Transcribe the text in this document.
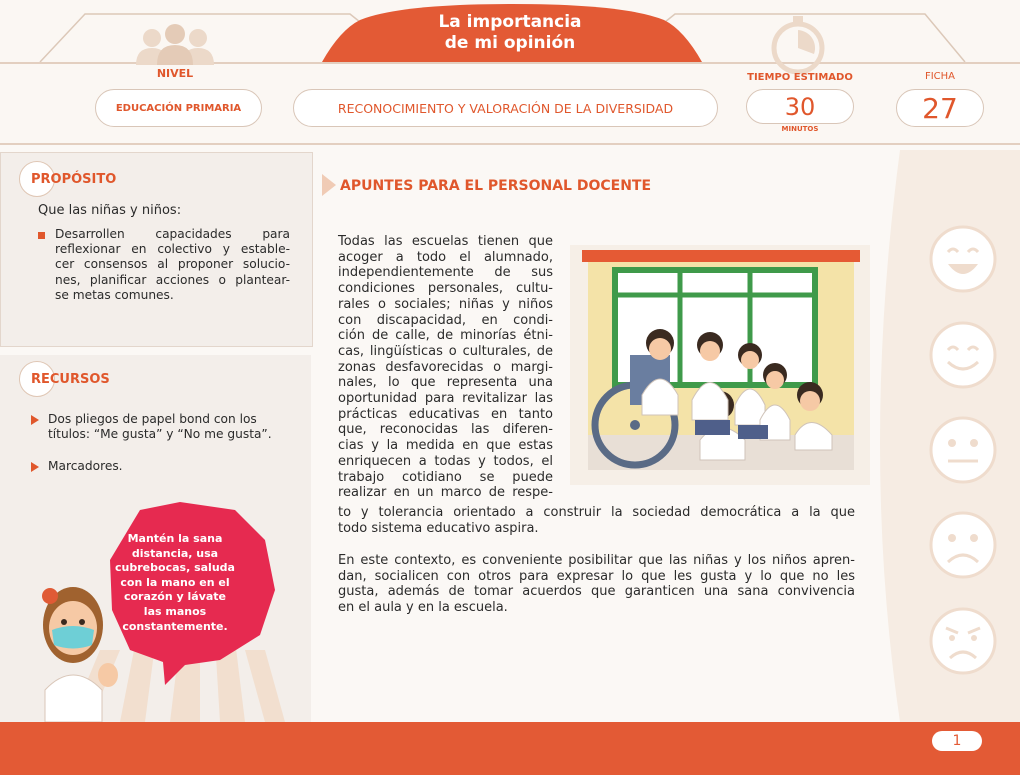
La importancia
de mi opinión
NIVEL
EDUCACIÓN PRIMARIA	RECONOCIMIENTO Y VALORACIÓN DE LA DIVERSIDAD
TIEMPO ESTIMADO
30
MINUTOS
FICHA
27
PROPÓSITO
Que las niñas y niños:
Desarrollen capacidades para
reflexionar en colectivo y estable-
cer consensos al proponer solucio-
nes, planificar acciones o plantear-
se metas comunes.
RECURSOS
Dos pliegos de papel bond con los
títulos: “Me gusta” y “No me gusta”.
Marcadores.
Mantén la sana
distancia, usa
cubrebocas, saluda
con la mano en el
corazón y lávate
las manos
constantemente.
APUNTES PARA EL PERSONAL DOCENTE
Todas las escuelas tienen que
acoger a todo el alumnado,
independientemente de sus
condiciones personales, cultu-
rales o sociales; niñas y niños
con discapacidad, en condi-
ción de calle, de minorías étni-
cas, lingüísticas o culturales, de
zonas desfavorecidas o margi-
nales, lo que representa una
oportunidad para revitalizar las
prácticas educativas en tanto
que, reconocidas las diferen-
cias y la medida en que estas
enriquecen a todas y todos, el
trabajo cotidiano se puede
realizar en un marco de respe-
to y tolerancia orientado a construir la sociedad democrática a la que
todo sistema educativo aspira.
En este contexto, es conveniente posibilitar que las niñas y los niños apren-
dan, socialicen con otros para expresar lo que les gusta y lo que no les
gusta, además de tomar acuerdos que garanticen una sana convivencia
en el aula y en la escuela.
1
